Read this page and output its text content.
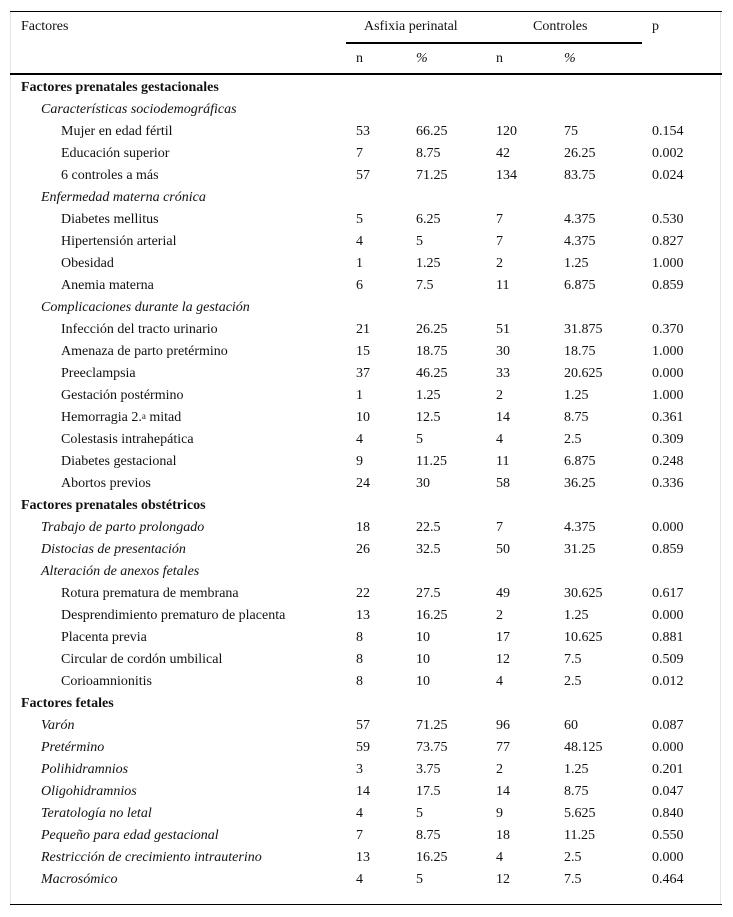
Factores	Asfixia perinatal	Controles	p
n	%	n	%
Factores prenatales gestacionales
Características sociodemográficas
Mujer en edad fértil	53	66.25	120	75	0.154
Educación superior	7	8.75	42	26.25	0.002
6 controles a más	57	71.25	134	83.75	0.024
Enfermedad materna crónica
Diabetes mellitus	5	6.25	7	4.375	0.530
Hipertensión arterial	4	5	7	4.375	0.827
Obesidad	1	1.25	2	1.25	1.000
Anemia materna	6	7.5	11	6.875	0.859
Complicaciones durante la gestación
Infección del tracto urinario	21	26.25	51	31.875	0.370
Amenaza de parto pretérmino	15	18.75	30	18.75	1.000
Preeclampsia	37	46.25	33	20.625	0.000
Gestación postérmino	1	1.25	2	1.25	1.000
Hemorragia 2.$^a$ mitad	10	12.5	14	8.75	0.361
Colestasis intrahepática	4	5	4	2.5	0.309
Diabetes gestacional	9	11.25	11	6.875	0.248
Abortos previos	24	30	58	36.25	0.336
Factores prenatales obstétricos
Trabajo de parto prolongado	18	22.5	7	4.375	0.000
Distocias de presentación	26	32.5	50	31.25	0.859
Alteración de anexos fetales
Rotura prematura de membrana	22	27.5	49	30.625	0.617
Desprendimiento prematuro de placenta	13	16.25	2	1.25	0.000
Placenta previa	8	10	17	10.625	0.881
Circular de cordón umbilical	8	10	12	7.5	0.509
Corioamnionitis	8	10	4	2.5	0.012
Factores fetales
Varón	57	71.25	96	60	0.087
Pretérmino	59	73.75	77	48.125	0.000
Polihidramnios	3	3.75	2	1.25	0.201
Oligohidramnios	14	17.5	14	8.75	0.047
Teratología no letal	4	5	9	5.625	0.840
Pequeño para edad gestacional	7	8.75	18	11.25	0.550
Restricción de crecimiento intrauterino	13	16.25	4	2.5	0.000
Macrosómico	4	5	12	7.5	0.464
